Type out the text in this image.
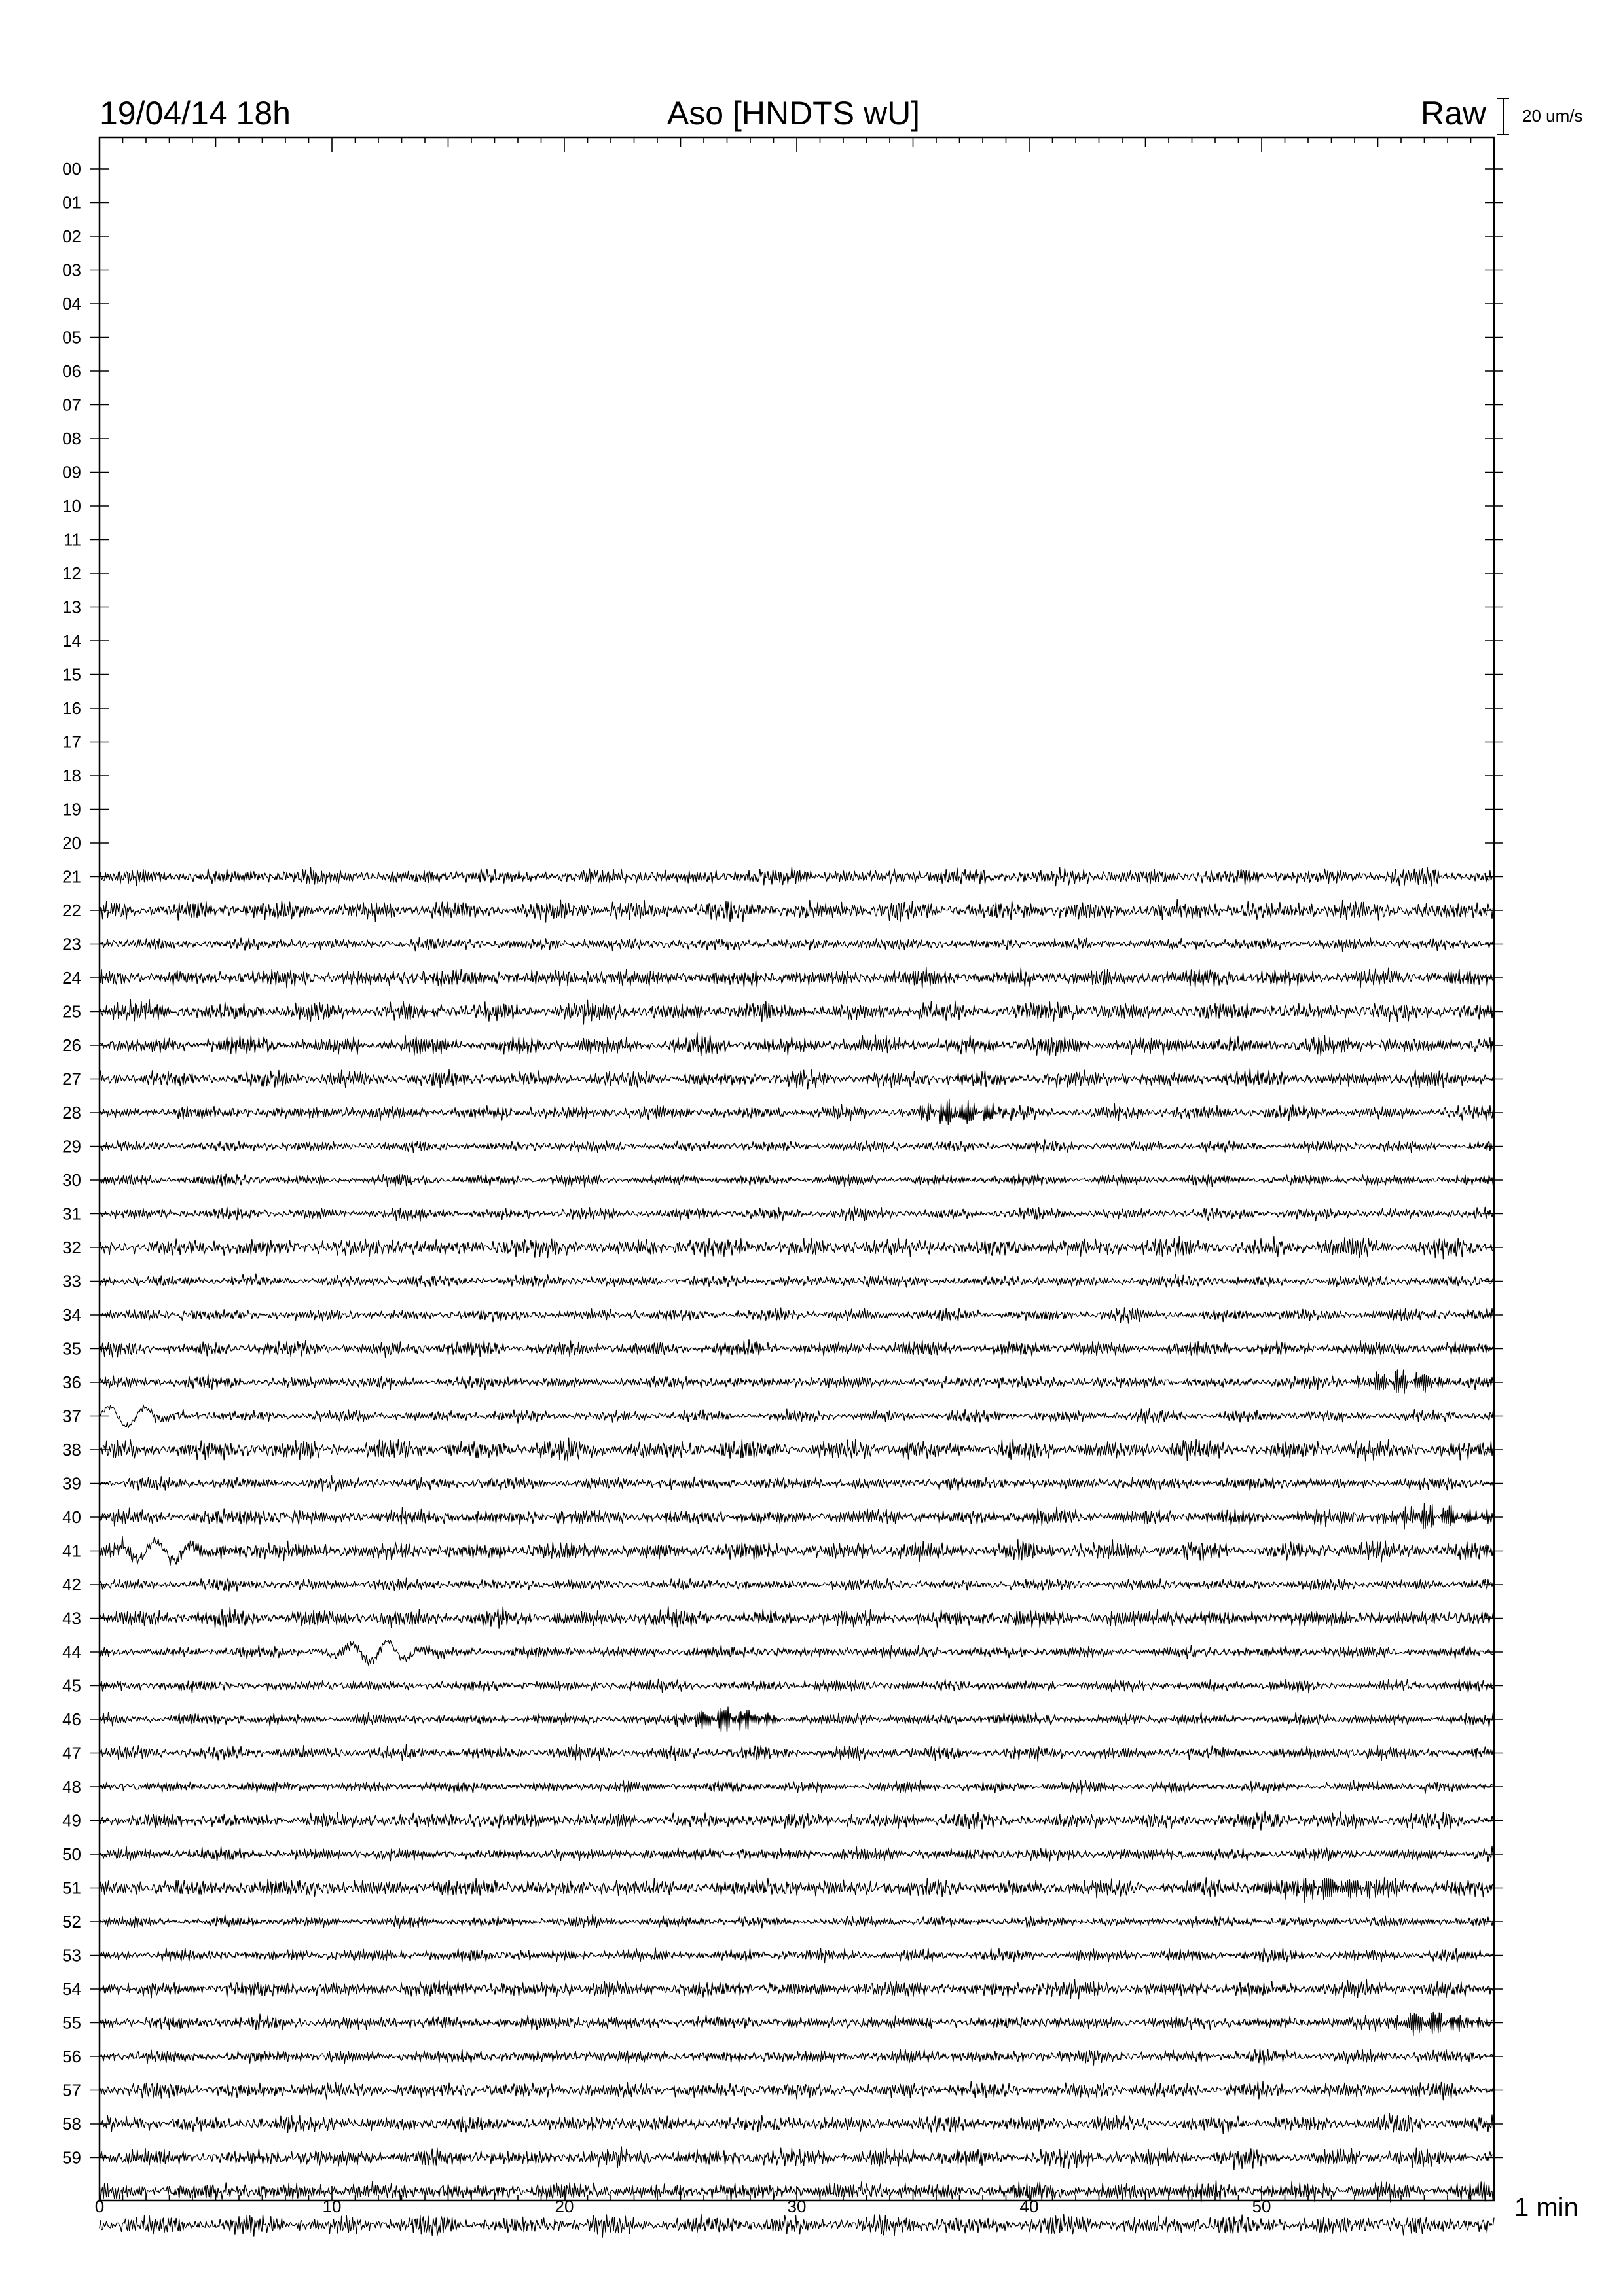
19/04/14 18h	Aso [HNDTS wU]	Raw 20 um/s
00
01
02
03
04
05
06
07
08
09
10
11
12
13
14
15
16
17
18
19
20
21
22
23
24
25
26
27
28
29
30
31
32
33
34
35
36
37
38
39
40
41
42
43
44
45
46
47
48
49
50
51
52
53
54
55
56
57
58
59
0	10	20	30	40	50	1 min
